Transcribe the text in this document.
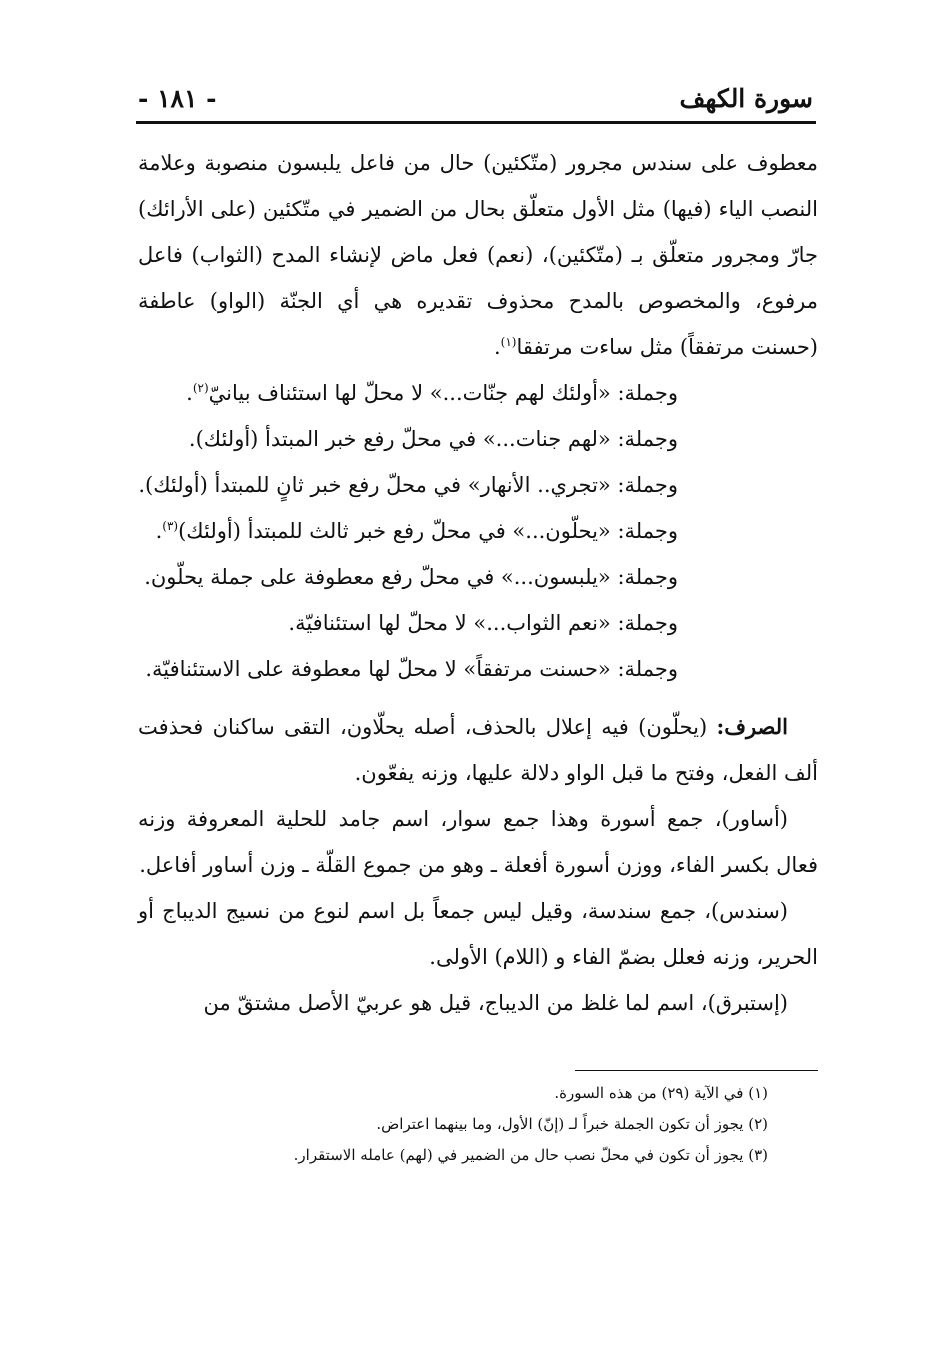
سورة الكهف
- ١٨١ -

معطوف على سندس مجرور (متّكئين) حال من فاعل يلبسون منصوبة وعلامة النصب الياء (فيها) مثل الأول متعلّق بحال من الضمير في متّكئين (على الأرائك) جارّ ومجرور متعلّق بـ (متّكئين)، (نعم) فعل ماض لإنشاء المدح (الثواب) فاعل مرفوع، والمخصوص بالمدح محذوف تقديره هي أي الجنّة (الواو) عاطفة (حسنت مرتفقاً) مثل ساءت مرتفقا$^{(١)}$.

وجملة: «أولئك لهم جنّات...» لا محلّ لها استئناف بيانيّ$^{(٢)}$.
وجملة: «لهم جنات...» في محلّ رفع خبر المبتدأ (أولئك).
وجملة: «تجري.. الأنهار» في محلّ رفع خبر ثانٍ للمبتدأ (أولئك).
وجملة: «يحلّون...» في محلّ رفع خبر ثالث للمبتدأ (أولئك)$^{(٣)}$.
وجملة: «يلبسون...» في محلّ رفع معطوفة على جملة يحلّون.
وجملة: «نعم الثواب...» لا محلّ لها استئنافيّة.
وجملة: «حسنت مرتفقاً» لا محلّ لها معطوفة على الاستئنافيّة.

الصرف: (يحلّون) فيه إعلال بالحذف، أصله يحلّاون، التقى ساكنان فحذفت ألف الفعل، وفتح ما قبل الواو دلالة عليها، وزنه يفعّون.

(أساور)، جمع أسورة وهذا جمع سوار، اسم جامد للحلية المعروفة وزنه فعال بكسر الفاء، ووزن أسورة أفعلة ـ وهو من جموع القلّة ـ وزن أساور أفاعل.

(سندس)، جمع سندسة، وقيل ليس جمعاً بل اسم لنوع من نسيج الديباج أو الحرير، وزنه فعلل بضمّ الفاء و (اللام) الأولى.

(إستبرق)، اسم لما غلظ من الديباج، قيل هو عربيّ الأصل مشتقّ من

(١) في الآية (٢٩) من هذه السورة.

(٢) يجوز أن تكون الجملة خبراً لـ (إنّ) الأول، وما بينهما اعتراض.

(٣) يجوز أن تكون في محلّ نصب حال من الضمير في (لهم) عامله الاستقرار.
